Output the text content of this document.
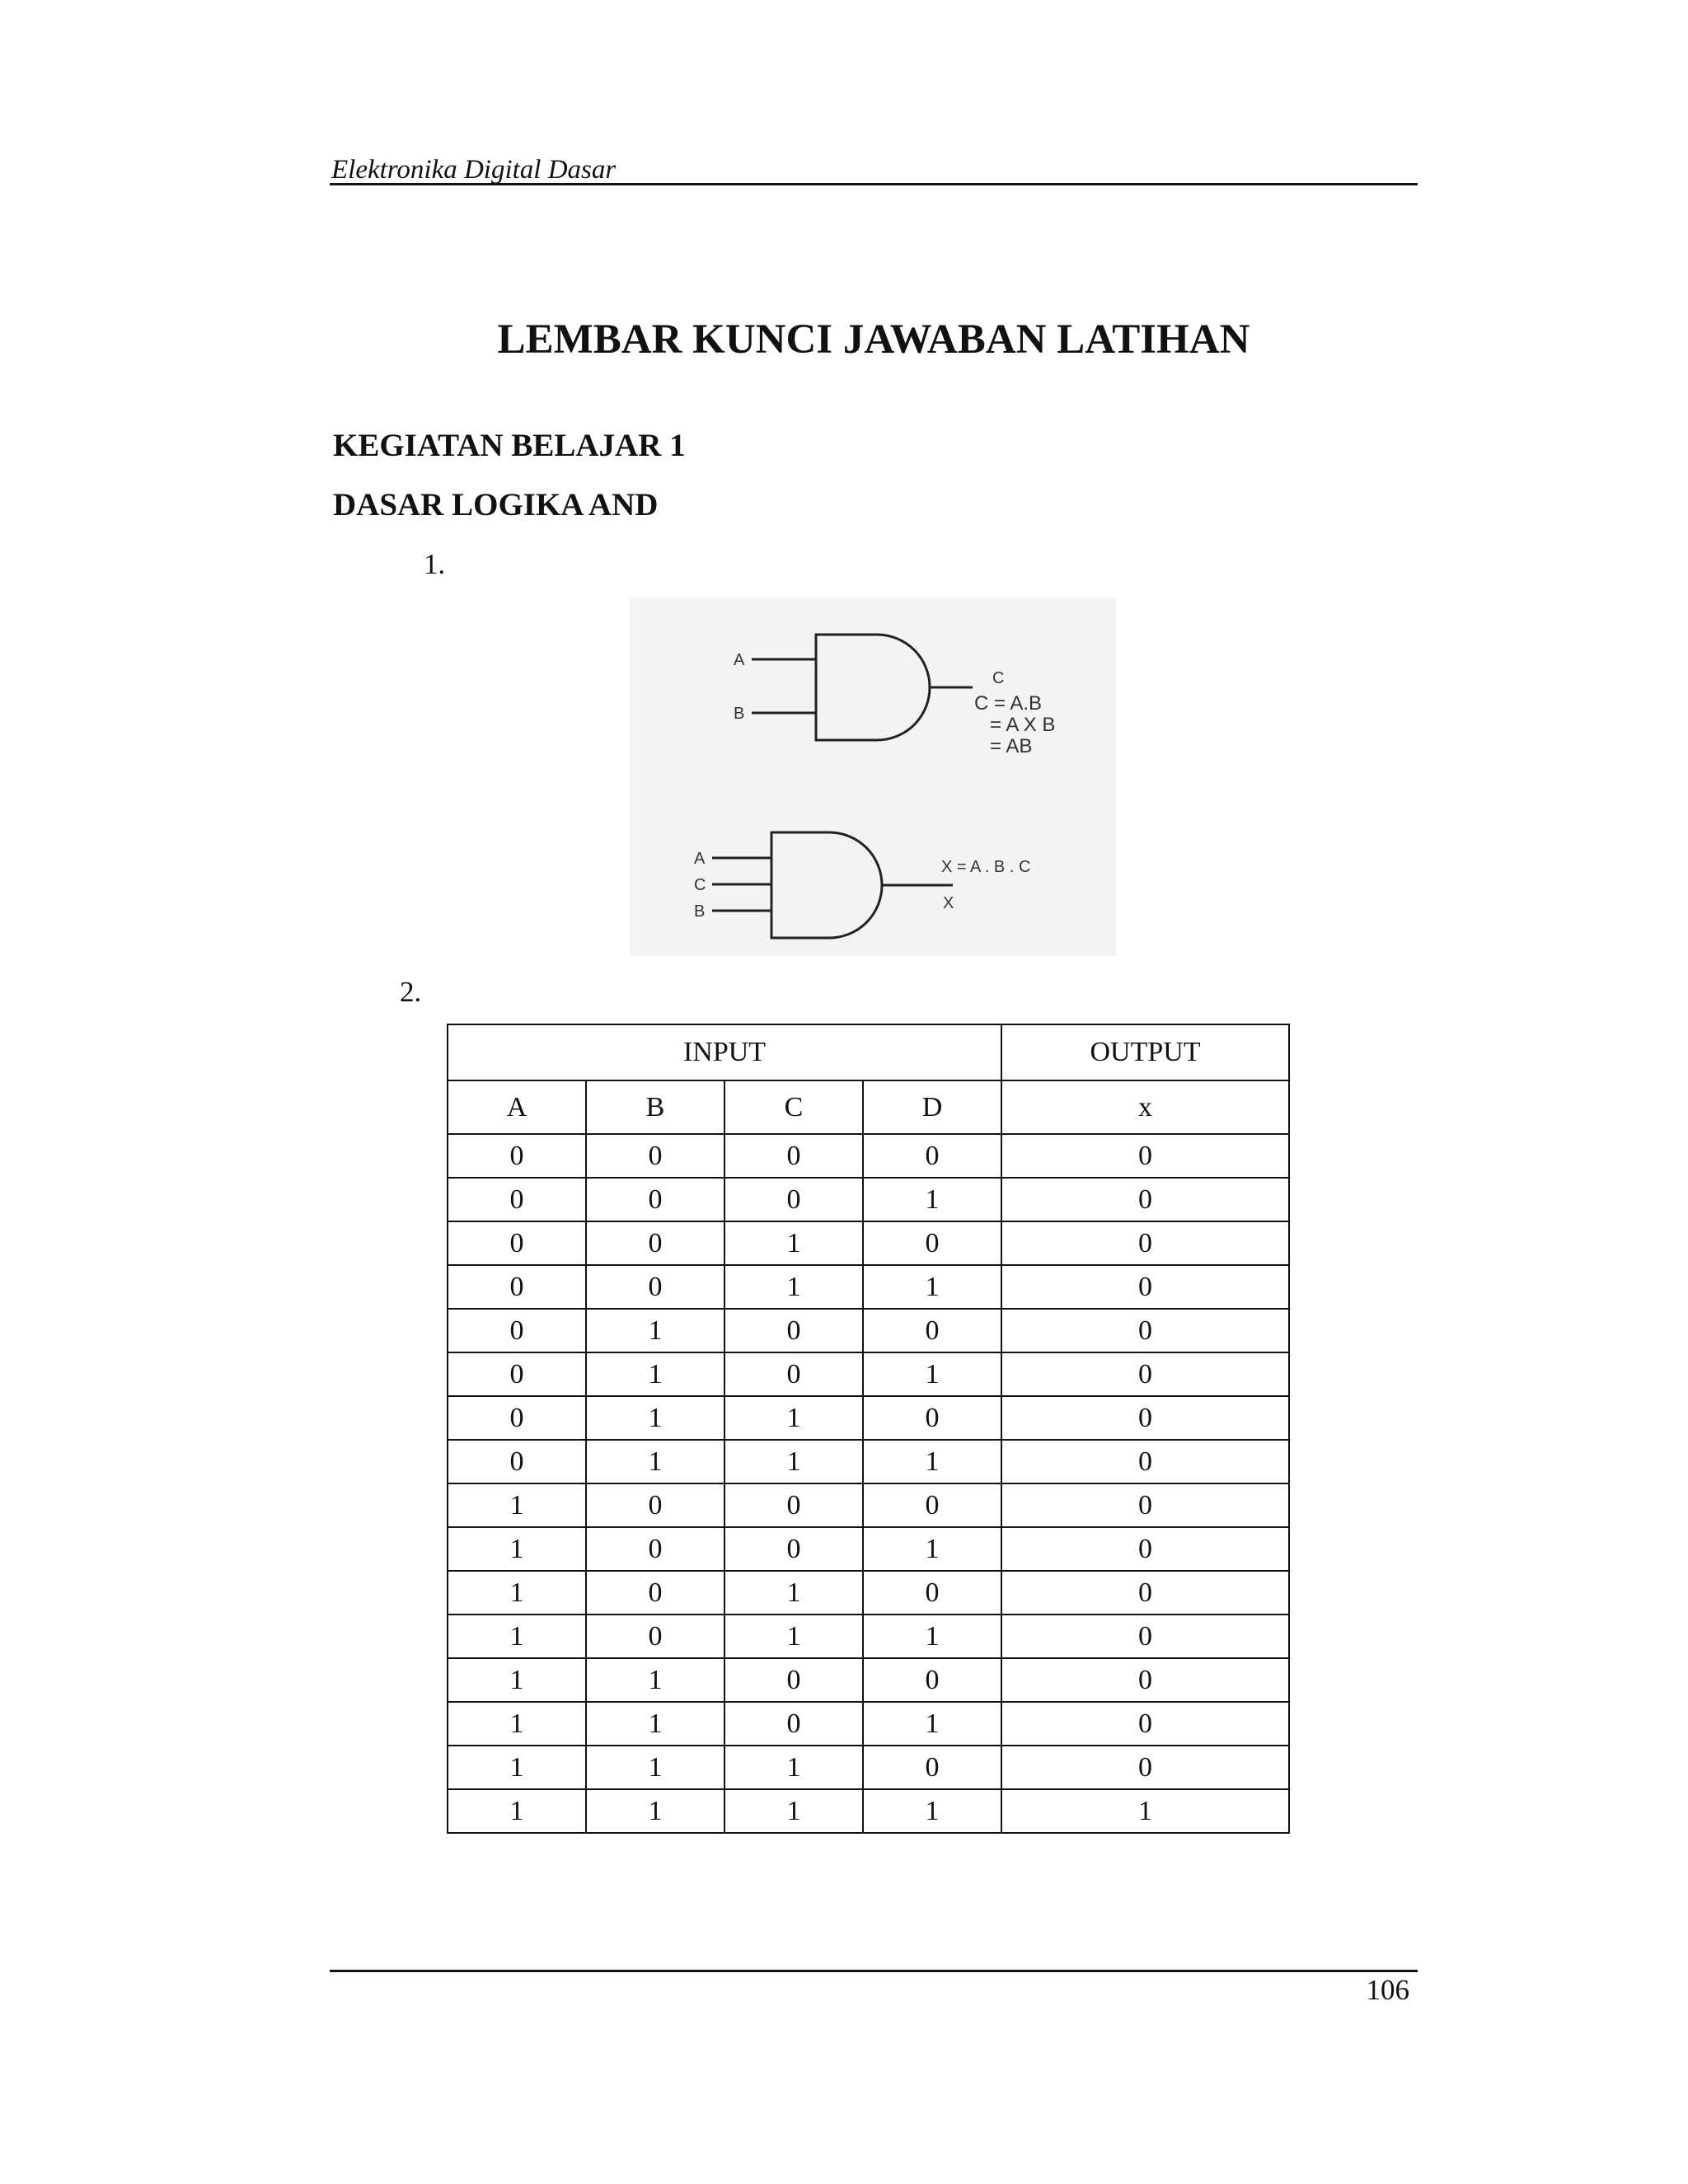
Elektronika Digital Dasar
LEMBAR KUNCI JAWABAN LATIHAN
KEGIATAN BELAJAR 1
DASAR LOGIKA AND
1.
A
B
C
C = A.B
= A X B
= AB
A
C
B
X = A . B . C
X
2.
INPUT				OUTPUT
A	B	C	D	x
0	0	0	0	0
0	0	0	1	0
0	0	1	0	0
0	0	1	1	0
0	1	0	0	0
0	1	0	1	0
0	1	1	0	0
0	1	1	1	0
1	0	0	0	0
1	0	0	1	0
1	0	1	0	0
1	0	1	1	0
1	1	0	0	0
1	1	0	1	0
1	1	1	0	0
1	1	1	1	1
106
